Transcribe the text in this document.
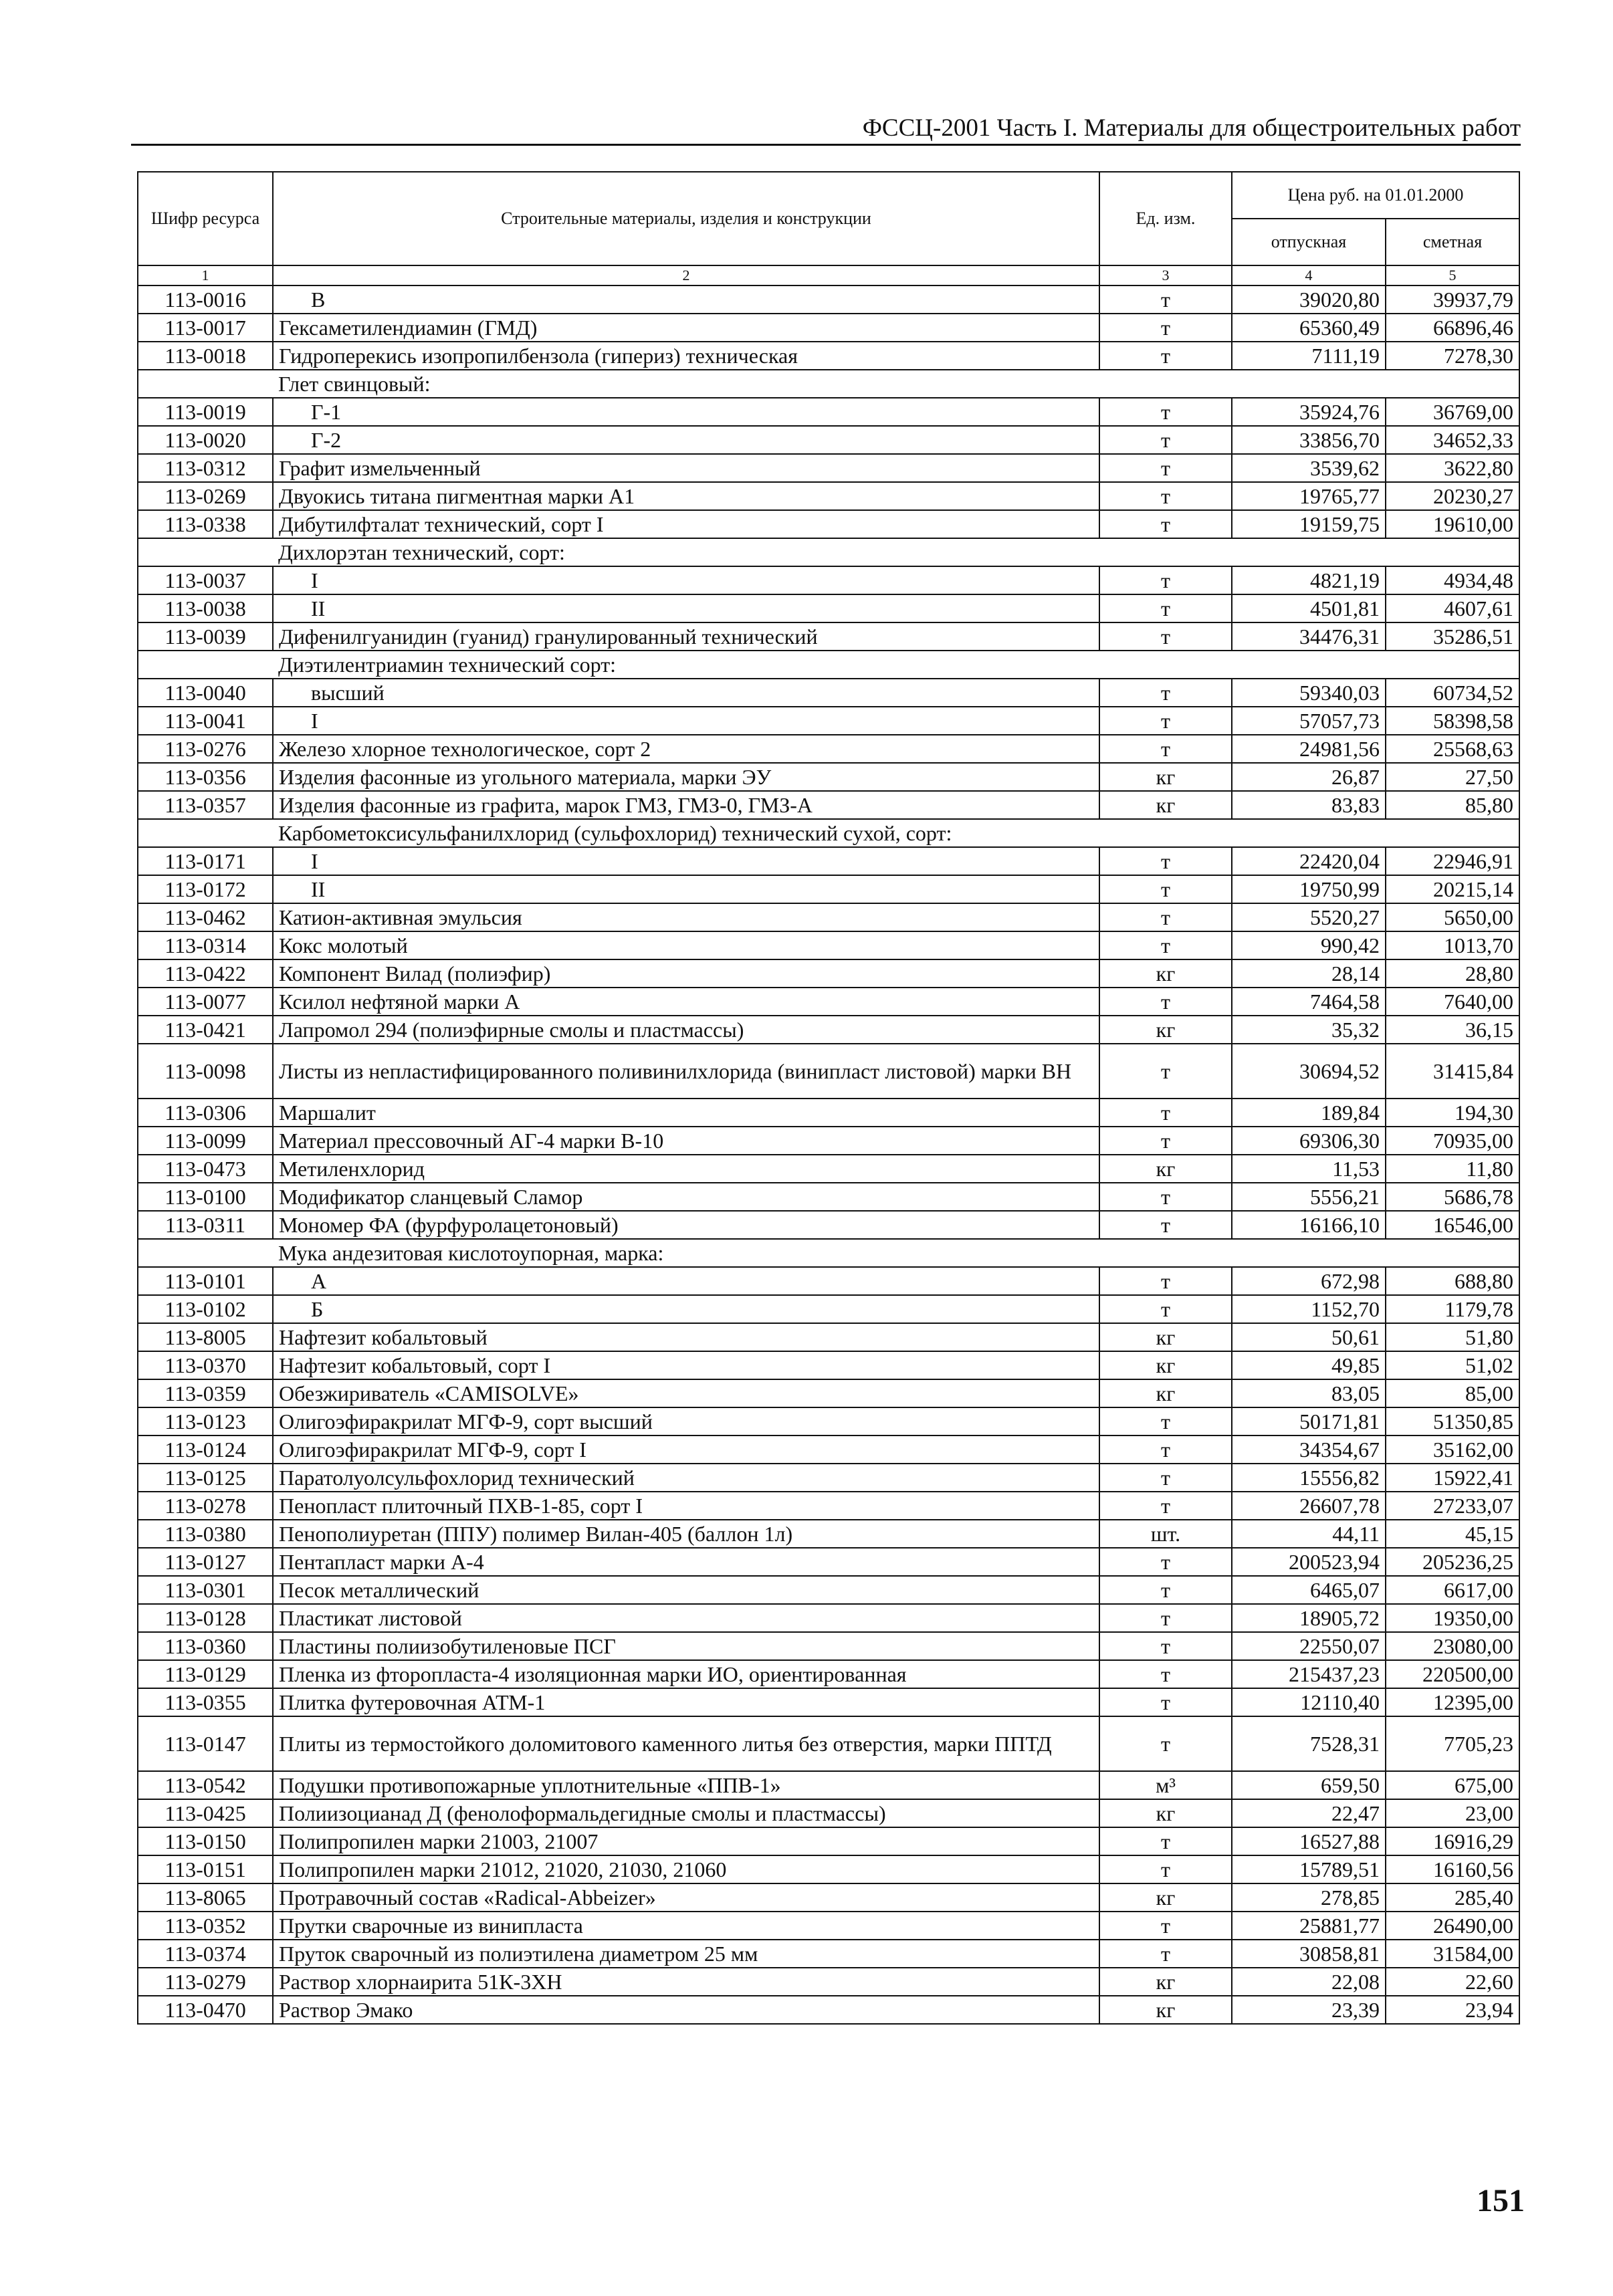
ФССЦ-2001 Часть I. Материалы для общестроительных работ
Шифр ресурса	Строительные материалы, изделия и конструкции	Ед. изм.	Цена руб. на 01.01.2000	
			отпускная	сметная
1	2	3	4	5
113-0016	В	т	39020,80	39937,79
113-0017	Гексаметилендиамин (ГМД)	т	65360,49	66896,46
113-0018	Гидроперекись изопропилбензола (гипериз) техническая	т	7111,19	7278,30
	Глет свинцовый:			
113-0019	Г-1	т	35924,76	36769,00
113-0020	Г-2	т	33856,70	34652,33
113-0312	Графит измельченный	т	3539,62	3622,80
113-0269	Двуокись титана пигментная марки А1	т	19765,77	20230,27
113-0338	Дибутилфталат технический, сорт I	т	19159,75	19610,00
	Дихлорэтан технический, сорт:			
113-0037	I	т	4821,19	4934,48
113-0038	II	т	4501,81	4607,61
113-0039	Дифенилгуанидин (гуанид) гранулированный технический	т	34476,31	35286,51
	Диэтилентриамин технический сорт:			
113-0040	высший	т	59340,03	60734,52
113-0041	I	т	57057,73	58398,58
113-0276	Железо хлорное технологическое, сорт 2	т	24981,56	25568,63
113-0356	Изделия фасонные из угольного материала, марки ЭУ	кг	26,87	27,50
113-0357	Изделия фасонные из графита, марок ГМЗ, ГМЗ-0, ГМЗ-А	кг	83,83	85,80
	Карбометоксисульфанилхлорид (сульфохлорид) технический сухой, сорт:			
113-0171	I	т	22420,04	22946,91
113-0172	II	т	19750,99	20215,14
113-0462	Катион-активная эмульсия	т	5520,27	5650,00
113-0314	Кокс молотый	т	990,42	1013,70
113-0422	Компонент Вилад (полиэфир)	кг	28,14	28,80
113-0077	Ксилол нефтяной марки А	т	7464,58	7640,00
113-0421	Лапромол 294 (полиэфирные смолы и пластмассы)	кг	35,32	36,15
113-0098	Листы из непластифицированного поливинилхлорида (винипласт листовой) марки ВН	т	30694,52	31415,84
113-0306	Маршалит	т	189,84	194,30
113-0099	Материал прессовочный АГ-4 марки В-10	т	69306,30	70935,00
113-0473	Метиленхлорид	кг	11,53	11,80
113-0100	Модификатор сланцевый Сламор	т	5556,21	5686,78
113-0311	Мономер ФА (фурфуролацетоновый)	т	16166,10	16546,00
	Мука андезитовая кислотоупорная, марка:			
113-0101	А	т	672,98	688,80
113-0102	Б	т	1152,70	1179,78
113-8005	Нафтезит кобальтовый	кг	50,61	51,80
113-0370	Нафтезит кобальтовый, сорт I	кг	49,85	51,02
113-0359	Обезжириватель «CAMISOLVE»	кг	83,05	85,00
113-0123	Олигоэфиракрилат МГФ-9, сорт высший	т	50171,81	51350,85
113-0124	Олигоэфиракрилат МГФ-9, сорт I	т	34354,67	35162,00
113-0125	Паратолуолсульфохлорид технический	т	15556,82	15922,41
113-0278	Пенопласт плиточный ПХВ-1-85, сорт I	т	26607,78	27233,07
113-0380	Пенополиуретан (ППУ) полимер Вилан-405 (баллон 1л)	шт.	44,11	45,15
113-0127	Пентапласт марки А-4	т	200523,94	205236,25
113-0301	Песок металлический	т	6465,07	6617,00
113-0128	Пластикат листовой	т	18905,72	19350,00
113-0360	Пластины полиизобутиленовые ПСГ	т	22550,07	23080,00
113-0129	Пленка из фторопласта-4 изоляционная марки ИО, ориентированная	т	215437,23	220500,00
113-0355	Плитка футеровочная АТМ-1	т	12110,40	12395,00
113-0147	Плиты из термостойкого доломитового каменного литья без отверстия, марки ППТД	т	7528,31	7705,23
113-0542	Подушки противопожарные уплотнительные «ППВ-1»	м³	659,50	675,00
113-0425	Полиизоцианад Д (фенолоформальдегидные смолы и пластмассы)	кг	22,47	23,00
113-0150	Полипропилен марки 21003, 21007	т	16527,88	16916,29
113-0151	Полипропилен марки 21012, 21020, 21030, 21060	т	15789,51	16160,56
113-8065	Протравочный состав «Radical-Abbeizer»	кг	278,85	285,40
113-0352	Прутки сварочные из винипласта	т	25881,77	26490,00
113-0374	Пруток сварочный из полиэтилена диаметром 25 мм	т	30858,81	31584,00
113-0279	Раствор хлорнаирита 51К-3ХН	кг	22,08	22,60
113-0470	Раствор Эмако	кг	23,39	23,94
151
